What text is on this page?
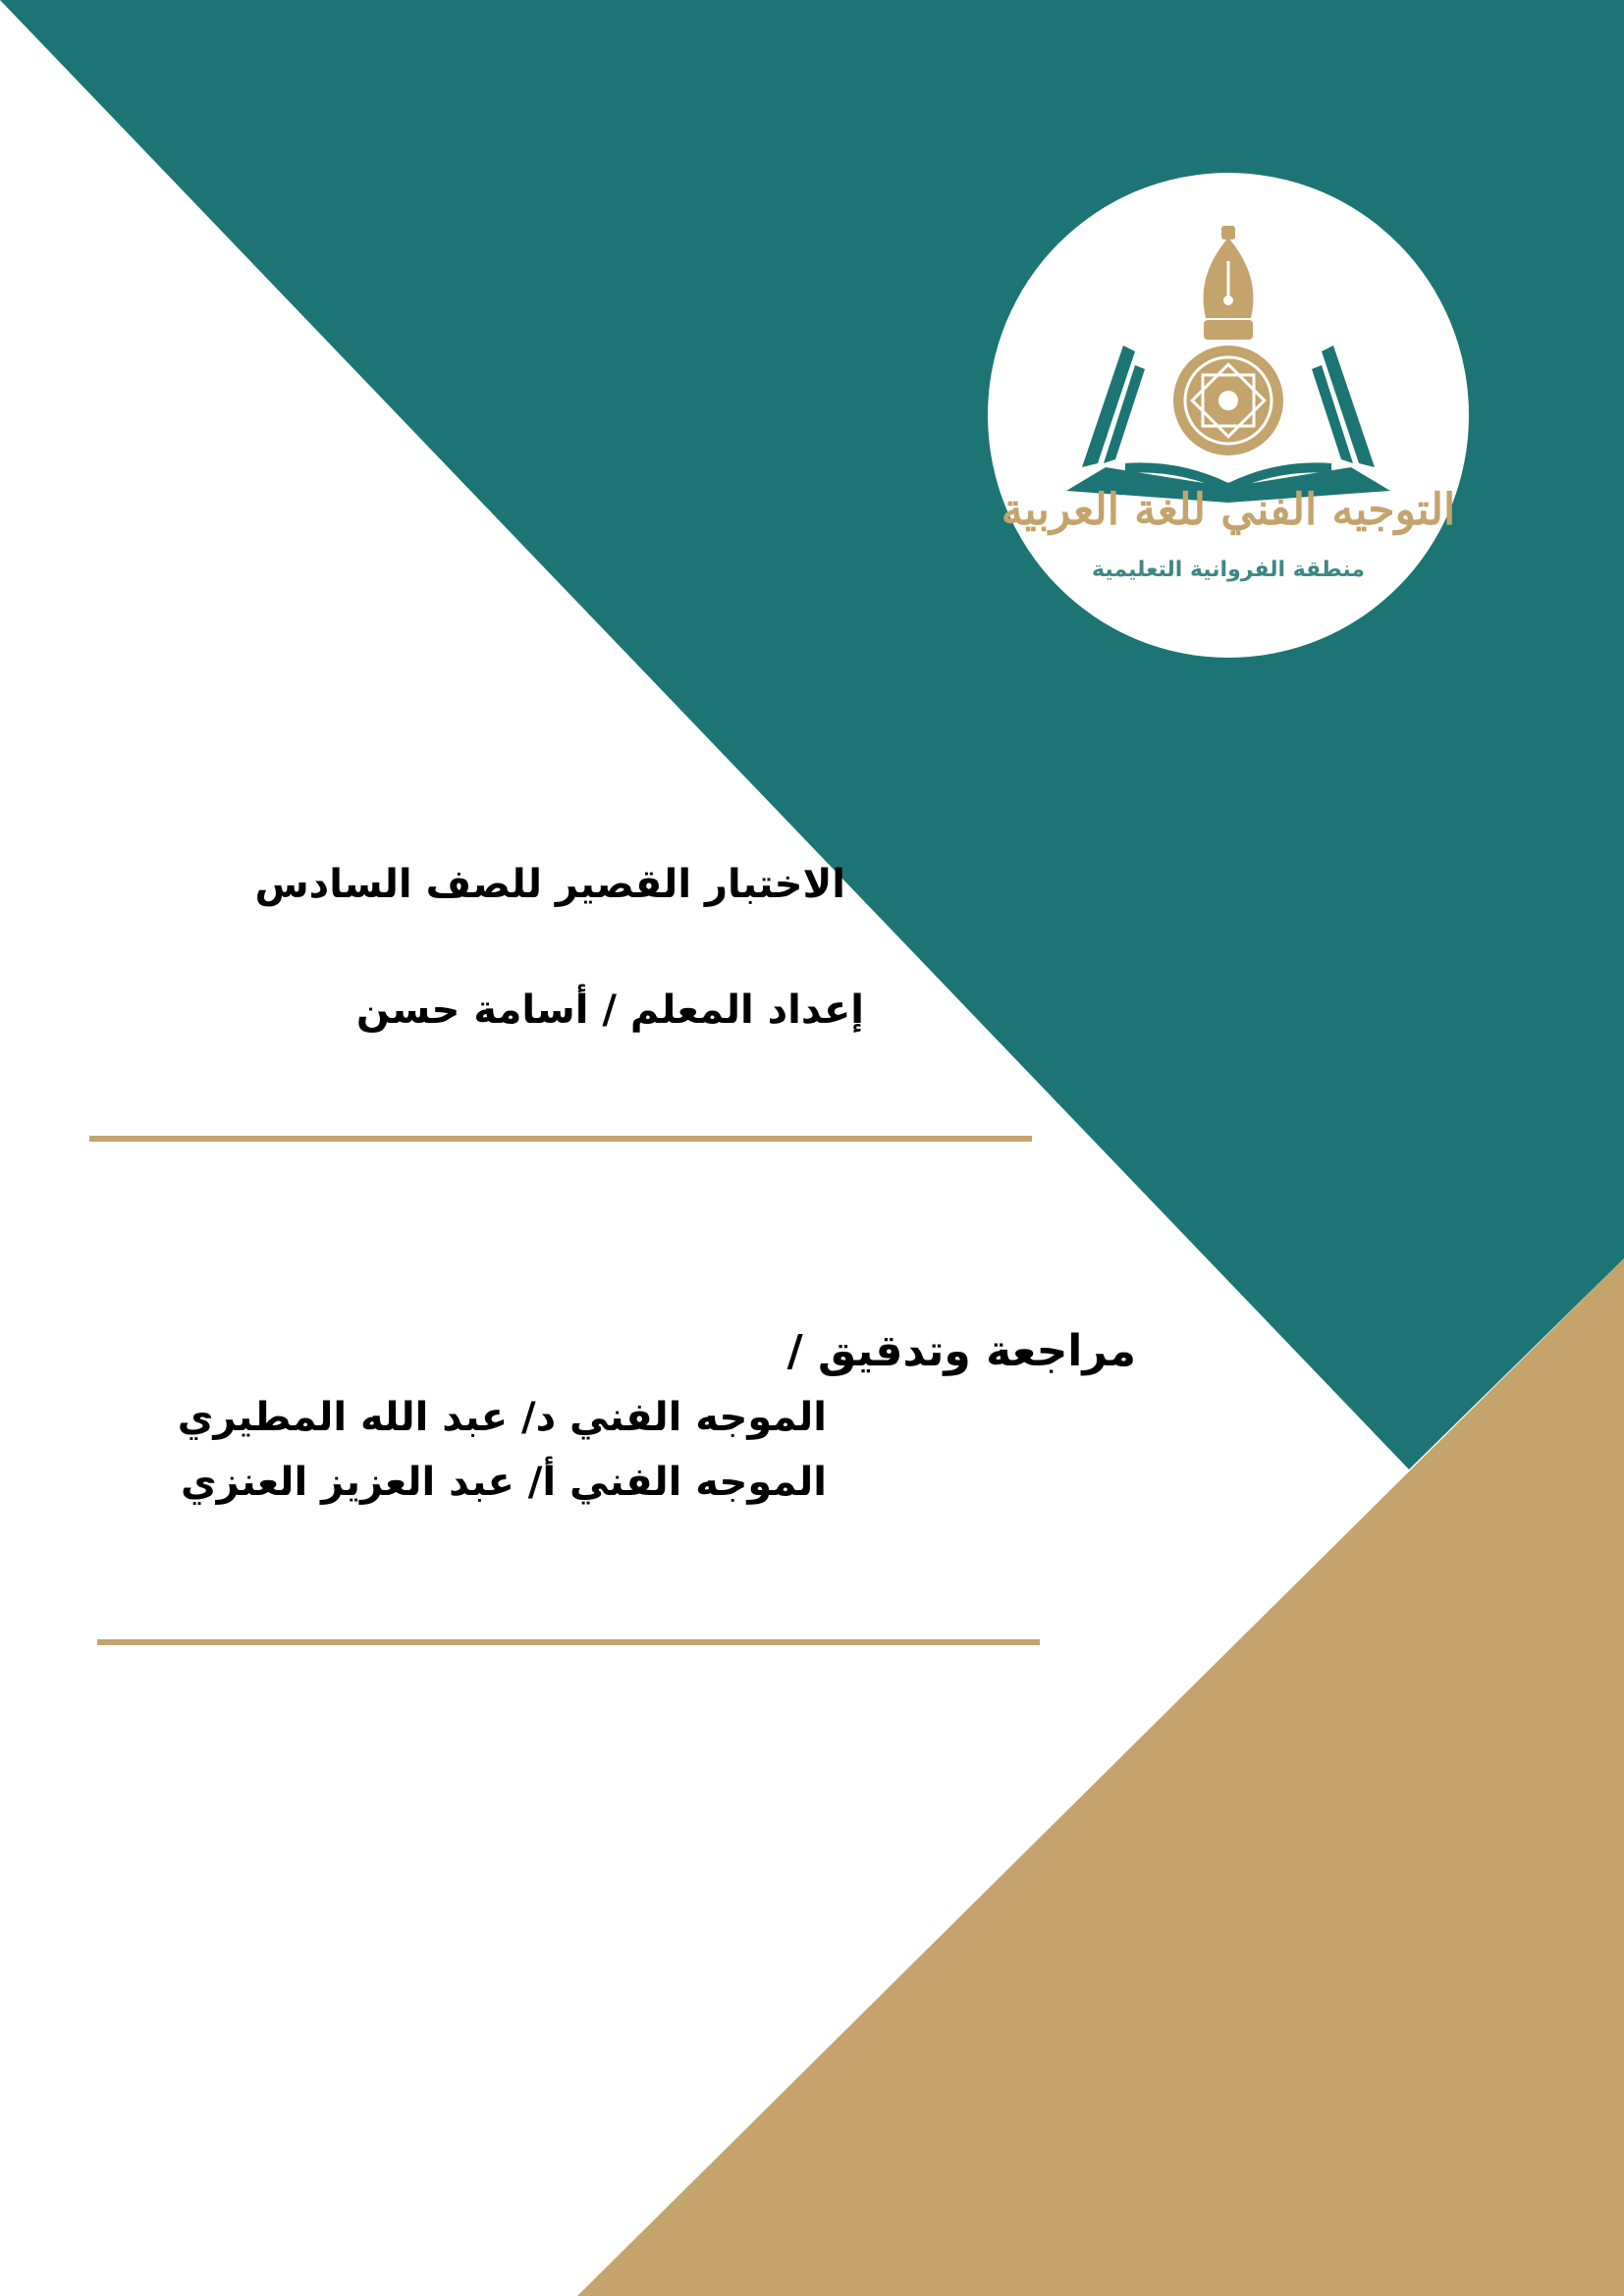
التوجيه الفني للغة العربية
منطقة الفروانية التعليمية
الاختبار القصير للصف السادس
إعداد المعلم / أسامة حسن
مراجعة وتدقيق /
الموجه الفني د/ عبد الله المطيري
الموجه الفني أ/ عبد العزيز العنزي
